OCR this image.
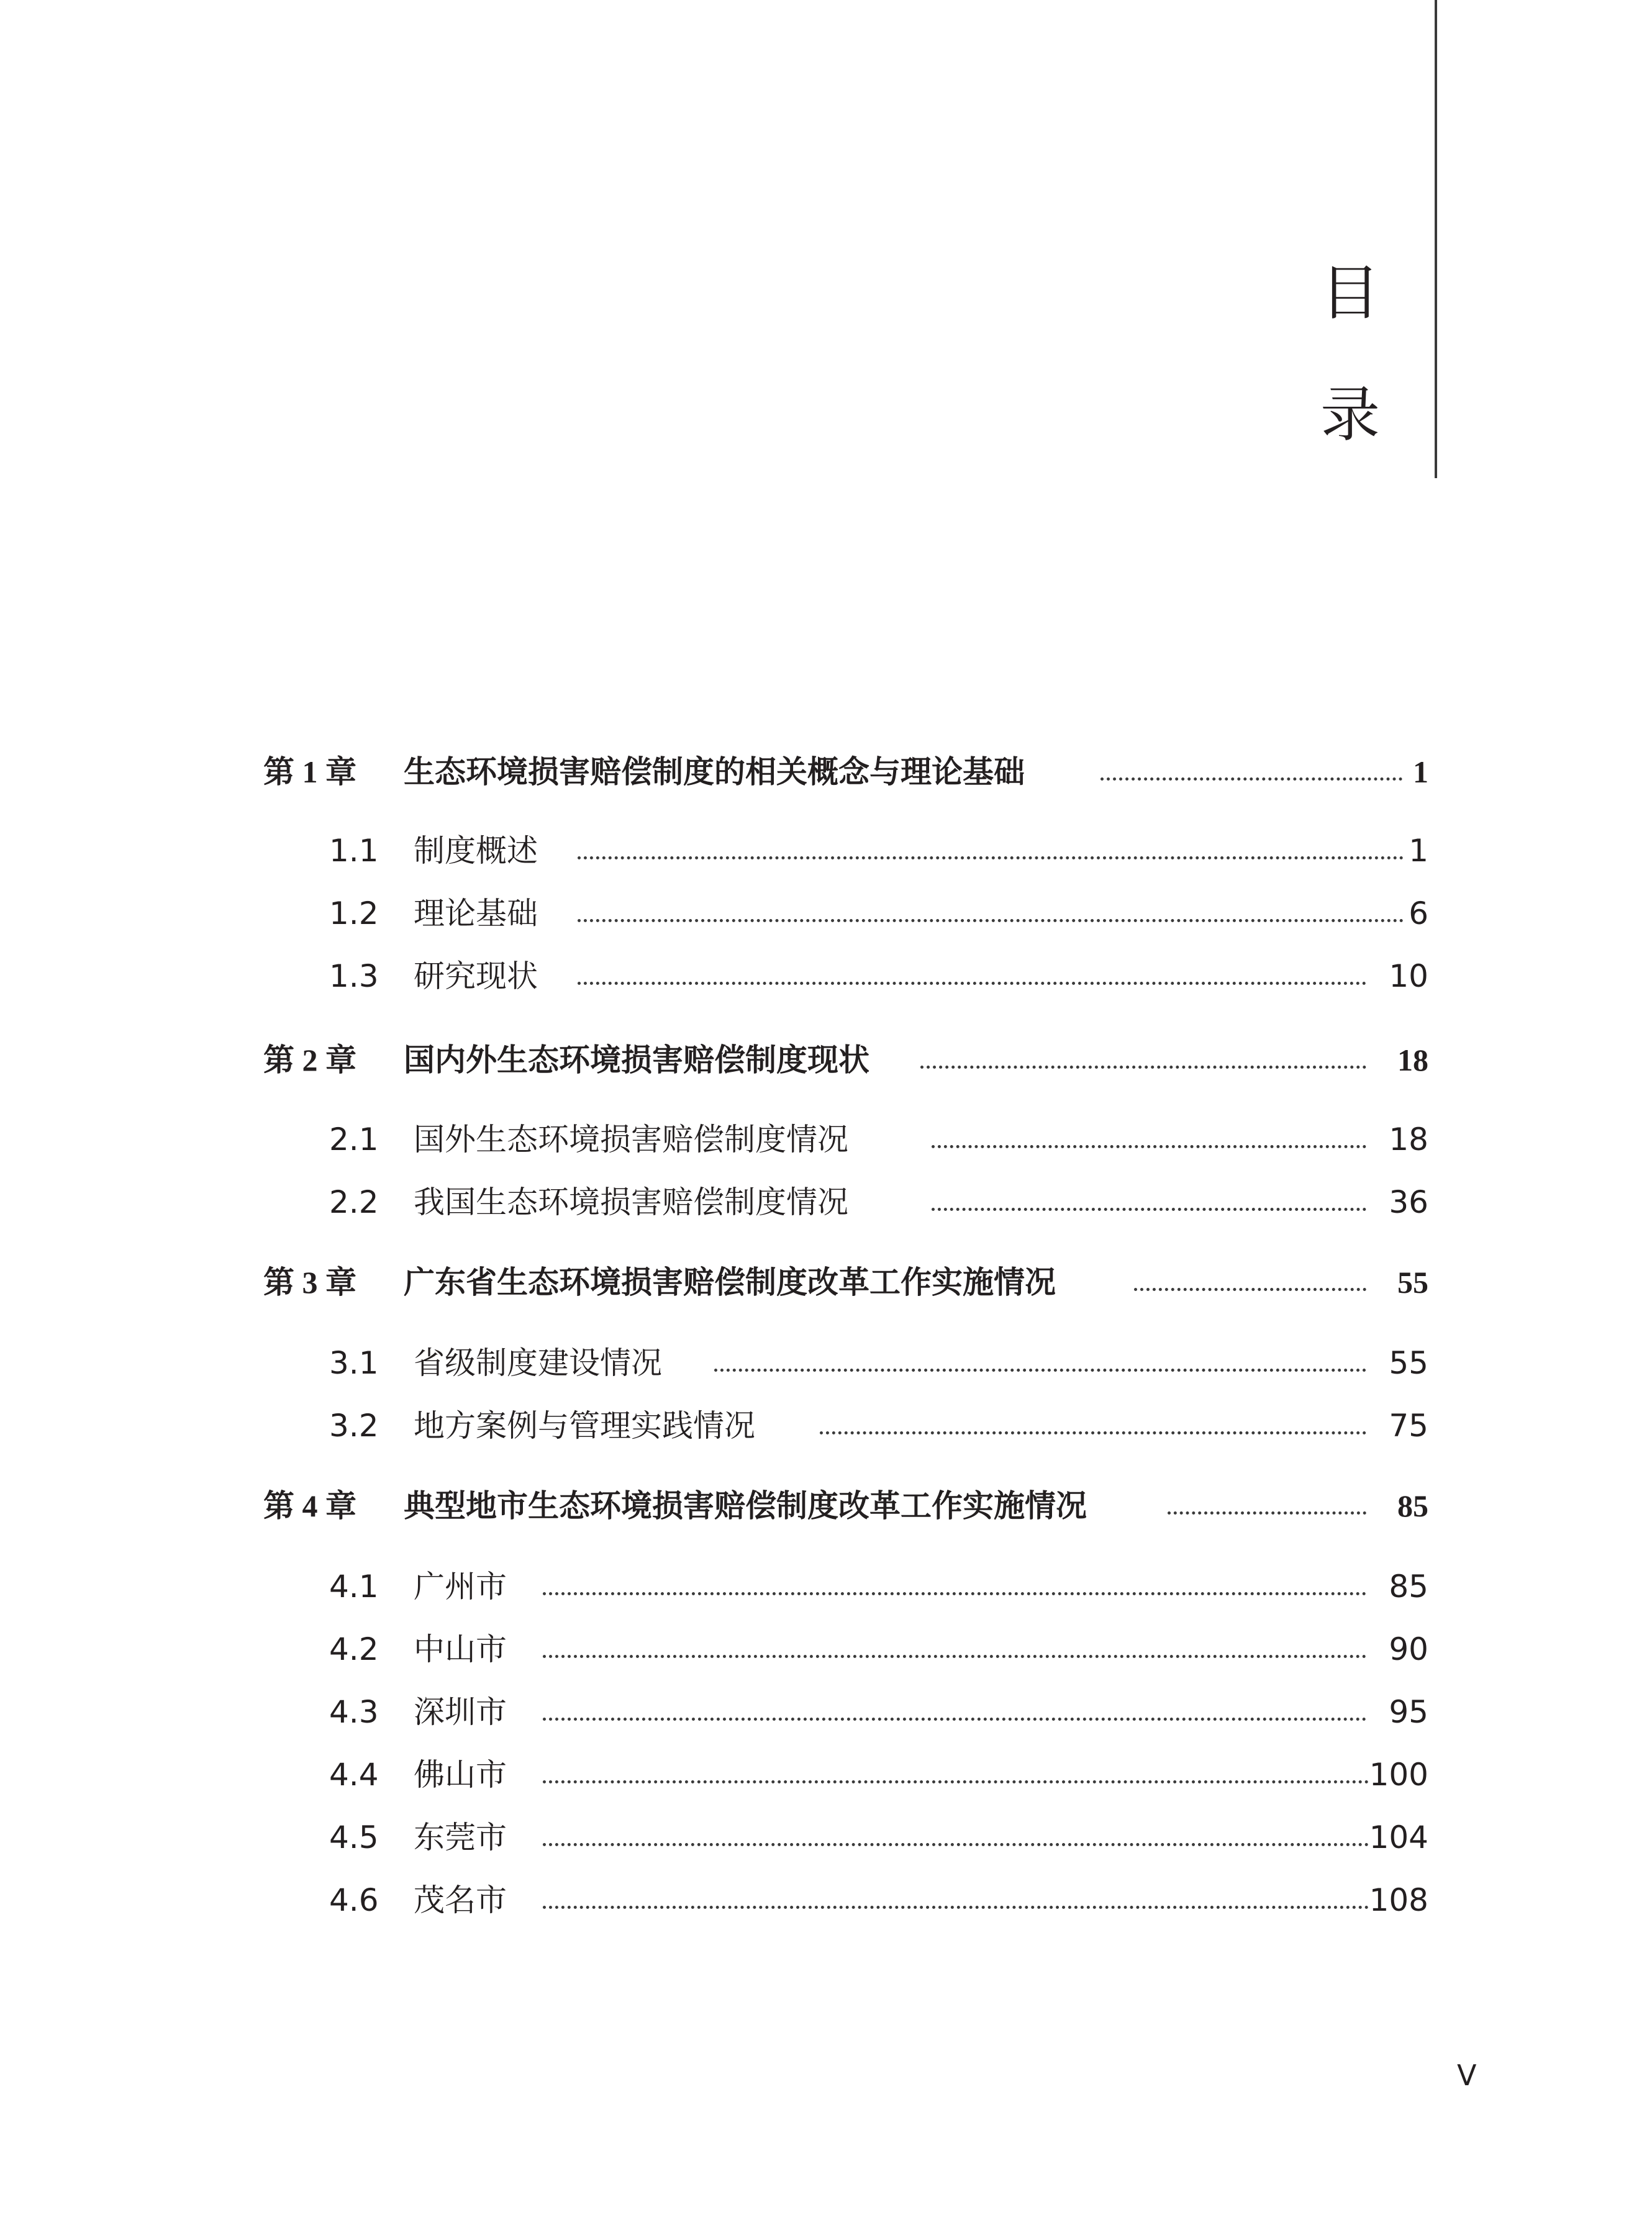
目
录
第 1 章 生态环境损害赔偿制度的相关概念与理论基础	1
1.1 制度概述	1
1.2 理论基础	6
1.3 研究现状	10
第 2 章 国内外生态环境损害赔偿制度现状	18
2.1 国外生态环境损害赔偿制度情况	18
2.2 我国生态环境损害赔偿制度情况	36
第 3 章 广东省生态环境损害赔偿制度改革工作实施情况	55
3.1 省级制度建设情况	55
3.2 地方案例与管理实践情况	75
第 4 章 典型地市生态环境损害赔偿制度改革工作实施情况	85
4.1 广州市	85
4.2 中山市	90
4.3 深圳市	95
4.4 佛山市	100
4.5 东莞市	104
4.6 茂名市	108
V
